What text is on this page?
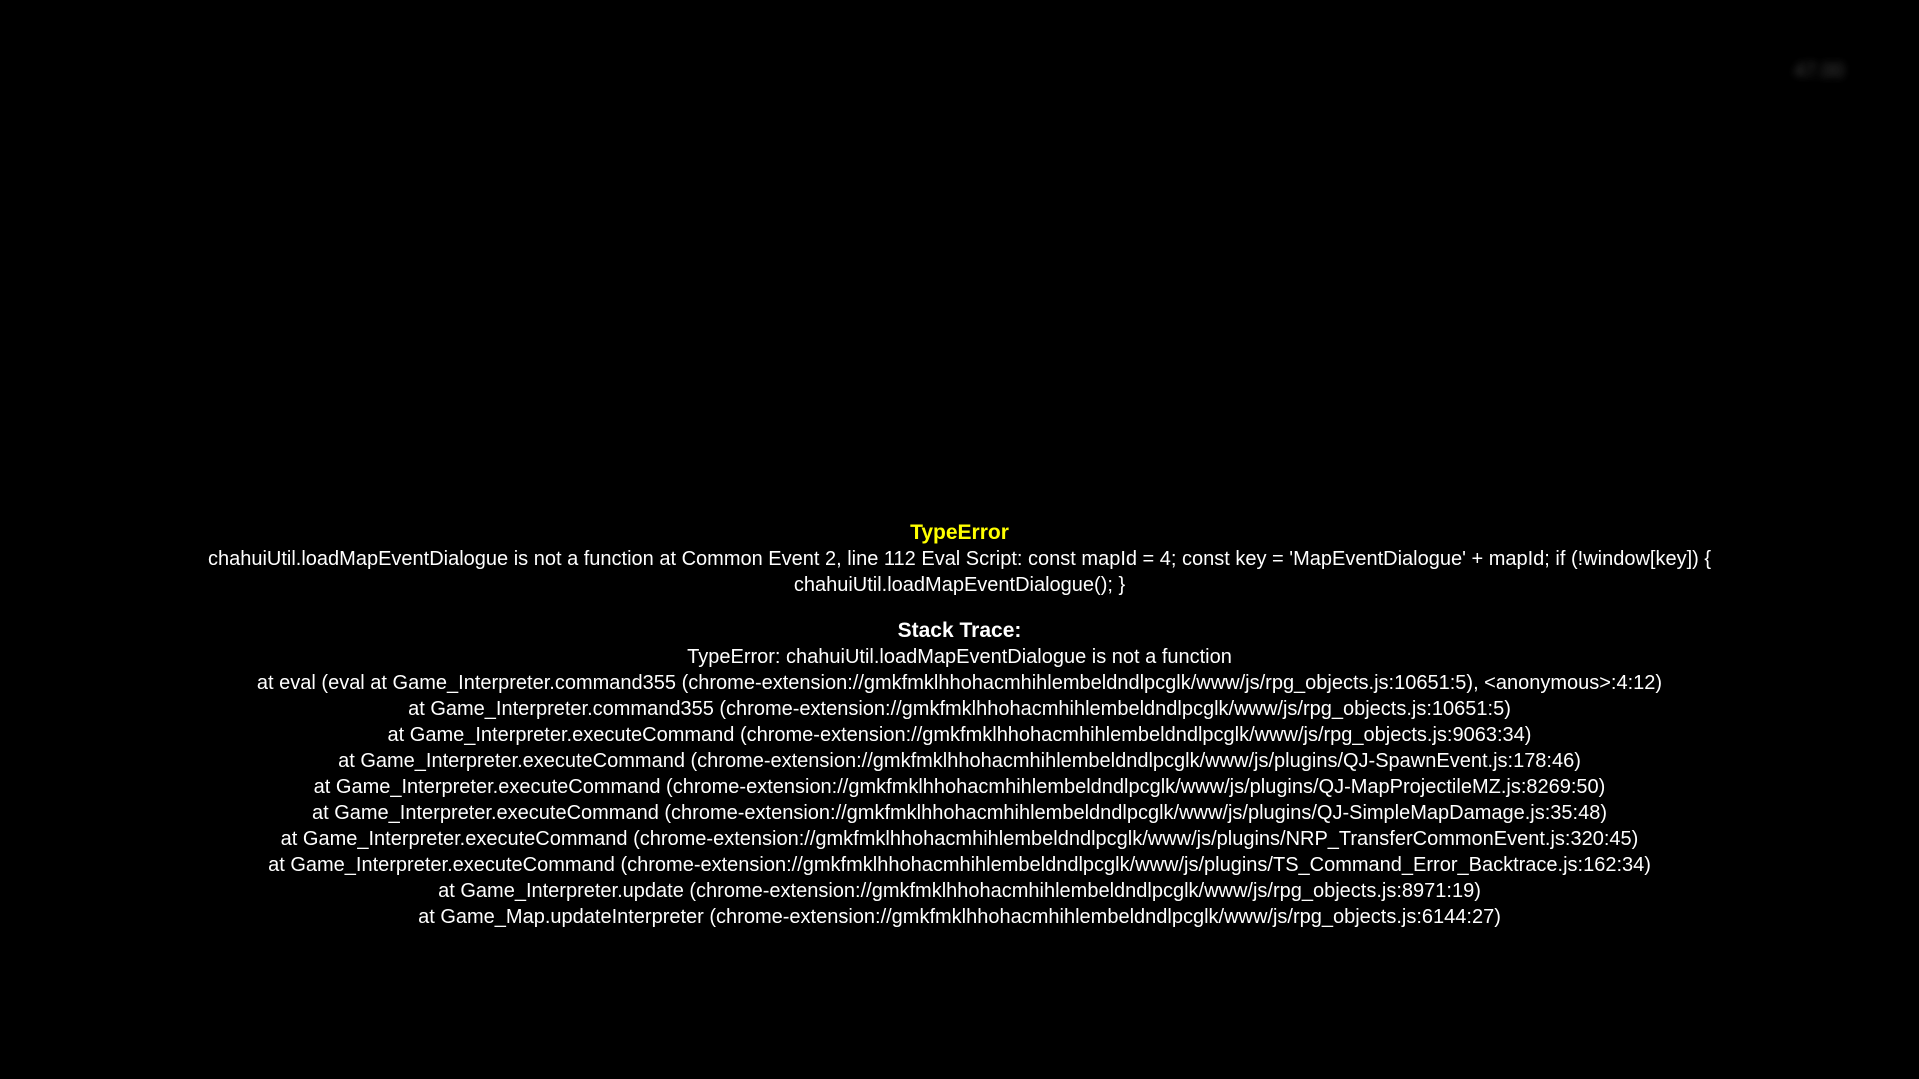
47.00
TypeError
chahuiUtil.loadMapEventDialogue is not a function at Common Event 2, line 112 Eval Script: const mapId = 4; const key = 'MapEventDialogue' + mapId; if (!window[key]) { chahuiUtil.loadMapEventDialogue(); }
Stack Trace:
TypeError: chahuiUtil.loadMapEventDialogue is not a function
at eval (eval at Game_Interpreter.command355 (chrome-extension://gmkfmklhhohacmhihlembeldndlpcglk/www/js/rpg_objects.js:10651:5), <anonymous>:4:12)
at Game_Interpreter.command355 (chrome-extension://gmkfmklhhohacmhihlembeldndlpcglk/www/js/rpg_objects.js:10651:5)
at Game_Interpreter.executeCommand (chrome-extension://gmkfmklhhohacmhihlembeldndlpcglk/www/js/rpg_objects.js:9063:34)
at Game_Interpreter.executeCommand (chrome-extension://gmkfmklhhohacmhihlembeldndlpcglk/www/js/plugins/QJ-SpawnEvent.js:178:46)
at Game_Interpreter.executeCommand (chrome-extension://gmkfmklhhohacmhihlembeldndlpcglk/www/js/plugins/QJ-MapProjectileMZ.js:8269:50)
at Game_Interpreter.executeCommand (chrome-extension://gmkfmklhhohacmhihlembeldndlpcglk/www/js/plugins/QJ-SimpleMapDamage.js:35:48)
at Game_Interpreter.executeCommand (chrome-extension://gmkfmklhhohacmhihlembeldndlpcglk/www/js/plugins/NRP_TransferCommonEvent.js:320:45)
at Game_Interpreter.executeCommand (chrome-extension://gmkfmklhhohacmhihlembeldndlpcglk/www/js/plugins/TS_Command_Error_Backtrace.js:162:34)
at Game_Interpreter.update (chrome-extension://gmkfmklhhohacmhihlembeldndlpcglk/www/js/rpg_objects.js:8971:19)
at Game_Map.updateInterpreter (chrome-extension://gmkfmklhhohacmhihlembeldndlpcglk/www/js/rpg_objects.js:6144:27)
